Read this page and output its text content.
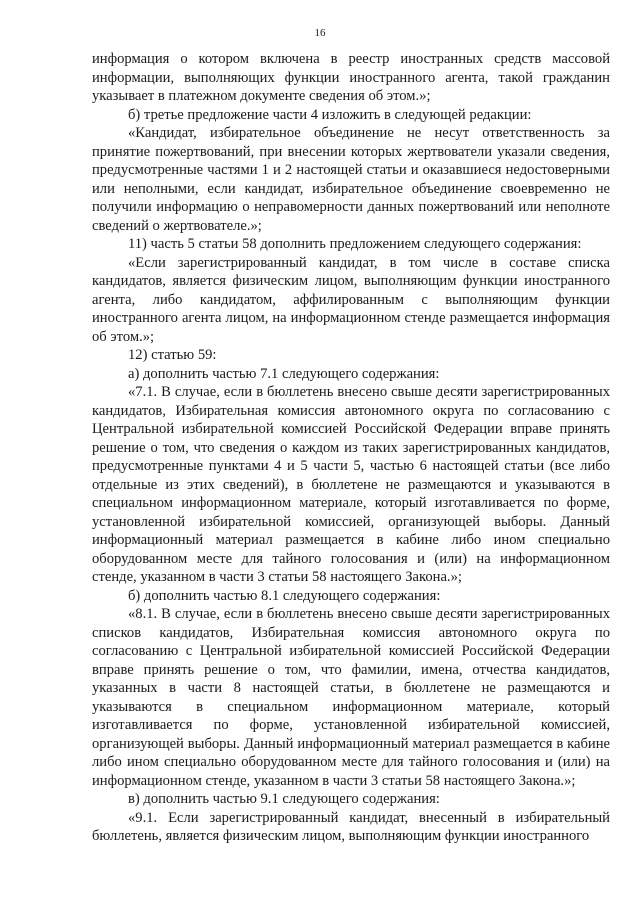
16

информация о котором включена в реестр иностранных средств массовой информации, выполняющих функции иностранного агента, такой гражданин указывает в платежном документе сведения об этом.»;

б) третье предложение части 4 изложить в следующей редакции:

«Кандидат, избирательное объединение не несут ответственность за принятие пожертвований, при внесении которых жертвователи указали сведения, предусмотренные частями 1 и 2 настоящей статьи и оказавшиеся недостоверными или неполными, если кандидат, избирательное объединение своевременно не получили информацию о неправомерности данных пожертвований или неполноте сведений о жертвователе.»;

11) часть 5 статьи 58 дополнить предложением следующего содержания:

«Если зарегистрированный кандидат, в том числе в составе списка кандидатов, является физическим лицом, выполняющим функции иностранного агента, либо кандидатом, аффилированным с выполняющим функции иностранного агента лицом, на информационном стенде размещается информация об этом.»;

12) статью 59:

а) дополнить частью 7.1 следующего содержания:

«7.1. В случае, если в бюллетень внесено свыше десяти зарегистрированных кандидатов, Избирательная комиссия автономного округа по согласованию с Центральной избирательной комиссией Российской Федерации вправе принять решение о том, что сведения о каждом из таких зарегистрированных кандидатов, предусмотренные пунктами 4 и 5 части 5, частью 6 настоящей статьи (все либо отдельные из этих сведений), в бюллетене не размещаются и указываются в специальном информационном материале, который изготавливается по форме, установленной избирательной комиссией, организующей выборы. Данный информационный материал размещается в кабине либо ином специально оборудованном месте для тайного голосования и (или) на информационном стенде, указанном в части 3 статьи 58 настоящего Закона.»;

б) дополнить частью 8.1 следующего содержания:

«8.1. В случае, если в бюллетень внесено свыше десяти зарегистрированных списков кандидатов, Избирательная комиссия автономного округа по согласованию с Центральной избирательной комиссией Российской Федерации вправе принять решение о том, что фамилии, имена, отчества кандидатов, указанных в части 8 настоящей статьи, в бюллетене не размещаются и указываются в специальном информационном материале, который изготавливается по форме, установленной избирательной комиссией, организующей выборы. Данный информационный материал размещается в кабине либо ином специально оборудованном месте для тайного голосования и (или) на информационном стенде, указанном в части 3 статьи 58 настоящего Закона.»;

в) дополнить частью 9.1 следующего содержания:

«9.1. Если зарегистрированный кандидат, внесенный в избирательный бюллетень, является физическим лицом, выполняющим функции иностранного
